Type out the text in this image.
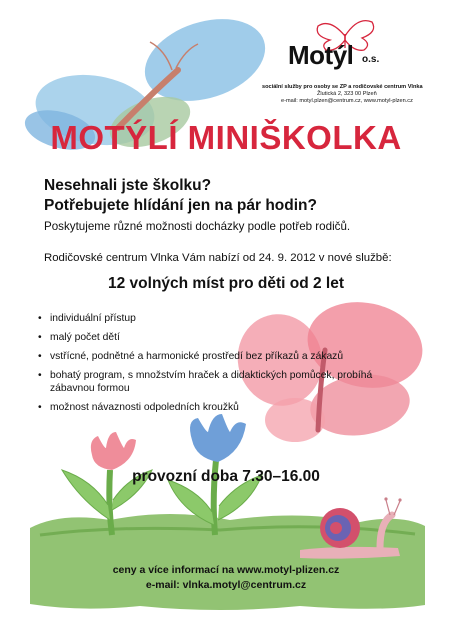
Motýl o.s.
sociální služby pro osoby se ZP a rodičovské centrum Vlnka
Žlutická 2, 323 00 Plzeň
e-mail: motyl.plzen@centrum.cz, www.motyl-plzen.cz
MOTÝLÍ MINIŠKOLKA
Nesehnali jste školku?
Potřebujete hlídání jen na pár hodin?
Poskytujeme různé možnosti docházky podle potřeb rodičů.
Rodičovské centrum Vlnka Vám nabízí od 24. 9. 2012 v nové službě:
12 volných míst pro děti od 2 let
• individuální přístup
• malý počet dětí
• vstřícné, podnětné a harmonické prostředí bez příkazů a zákazů
• bohatý program, s množstvím hraček a didaktických pomůcek, probíhá zábavnou formou
• možnost návaznosti odpoledních kroužků
provozní doba 7.30–16.00
ceny a více informací na www.motyl-plizen.cz
e-mail: vlnka.motyl@centrum.cz
